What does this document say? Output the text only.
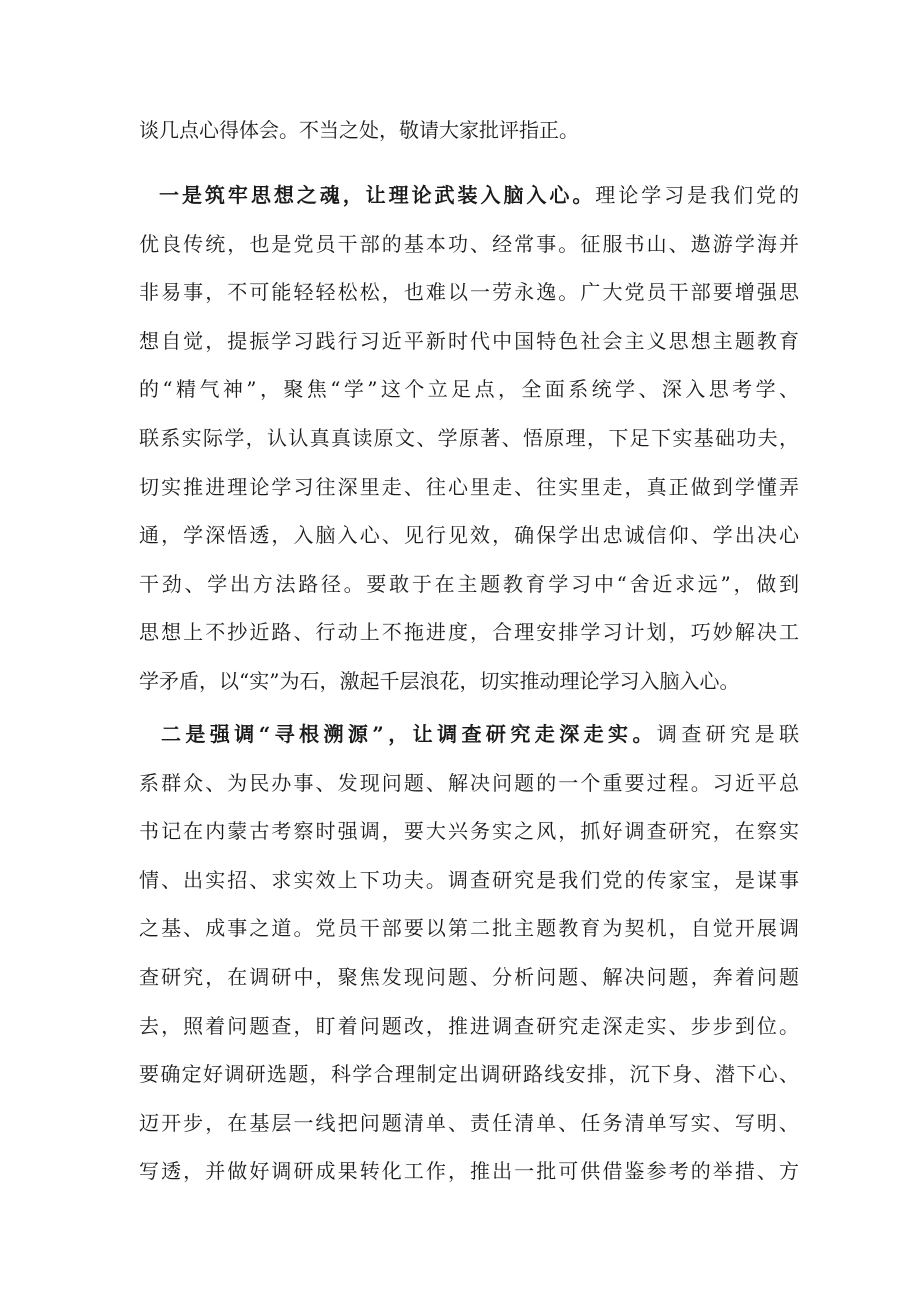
谈几点心得体会。不当之处，敬请大家批评指正。
一是筑牢思想之魂，让理论武装入脑入心。理论学习是我们党的
优良传统，也是党员干部的基本功、经常事。征服书山、遨游学海并
非易事，不可能轻轻松松，也难以一劳永逸。广大党员干部要增强思
想自觉，提振学习践行习近平新时代中国特色社会主义思想主题教育
的“精气神”，聚焦“学”这个立足点，全面系统学、深入思考学、
联系实际学，认认真真读原文、学原著、悟原理，下足下实基础功夫，
切实推进理论学习往深里走、往心里走、往实里走，真正做到学懂弄
通，学深悟透，入脑入心、见行见效，确保学出忠诚信仰、学出决心
干劲、学出方法路径。要敢于在主题教育学习中“舍近求远”，做到
思想上不抄近路、行动上不拖进度，合理安排学习计划，巧妙解决工
学矛盾，以“实”为石，激起千层浪花，切实推动理论学习入脑入心。
二是强调“寻根溯源”，让调查研究走深走实。调查研究是联
系群众、为民办事、发现问题、解决问题的一个重要过程。习近平总
书记在内蒙古考察时强调，要大兴务实之风，抓好调查研究，在察实
情、出实招、求实效上下功夫。调查研究是我们党的传家宝，是谋事
之基、成事之道。党员干部要以第二批主题教育为契机，自觉开展调
查研究，在调研中，聚焦发现问题、分析问题、解决问题，奔着问题
去，照着问题查，盯着问题改，推进调查研究走深走实、步步到位。
要确定好调研选题，科学合理制定出调研路线安排，沉下身、潜下心、
迈开步，在基层一线把问题清单、责任清单、任务清单写实、写明、
写透，并做好调研成果转化工作，推出一批可供借鉴参考的举措、方
